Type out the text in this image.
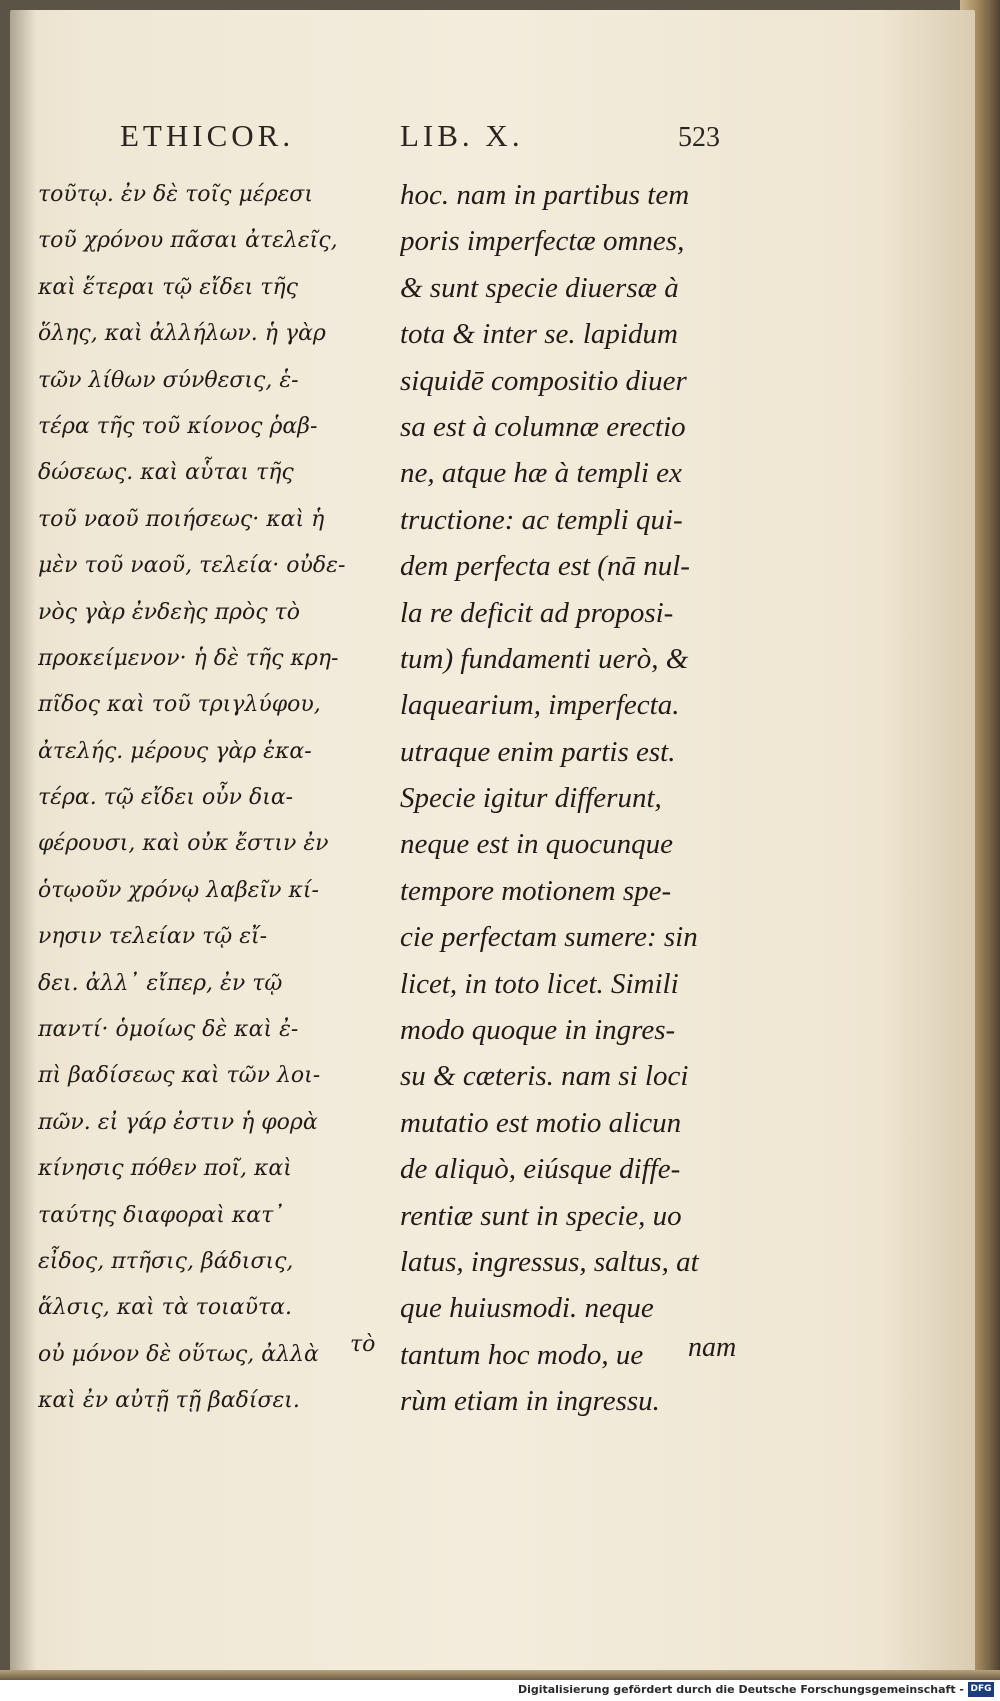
ETHICOR.	LIB. X.	523
τοῦτῳ. ἐν δὲ τοῖς μέρεσι
τοῦ χρόνου πᾶσαι ἀτελεῖς,
καὶ ἕτεραι τῷ εἴδει τῆς
ὅλης, καὶ ἀλλήλων. ἡ γὰρ
τῶν λίθων σύνθεσις, ἑ-
τέρα τῆς τοῦ κίονος ῥαβ-
δώσεως. καὶ αὗται τῆς
τοῦ ναοῦ ποιήσεως· καὶ ἡ
μὲν τοῦ ναοῦ, τελεία· οὐδε-
νὸς γὰρ ἐνδεὴς πρὸς τὸ
προκείμενον· ἡ δὲ τῆς κρη-
πῖδος καὶ τοῦ τριγλύφου,
ἀτελής. μέρους γὰρ ἑκα-
τέρα. τῷ εἴδει οὖν δια-
φέρουσι, καὶ οὐκ ἔστιν ἐν
ὁτῳοῦν χρόνῳ λαβεῖν κί-
νησιν τελείαν τῷ εἴ-
δει. ἀλλ᾽ εἴπερ, ἐν τῷ
παντί· ὁμοίως δὲ καὶ ἐ-
πὶ βαδίσεως καὶ τῶν λοι-
πῶν. εἰ γάρ ἐστιν ἡ φορὰ
κίνησις πόθεν ποῖ, καὶ
ταύτης διαφοραὶ κατ᾽
εἶδος, πτῆσις, βάδισις,
ἅλσις, καὶ τὰ τοιαῦτα.
οὐ μόνον δὲ οὕτως, ἀλλὰ
καὶ ἐν αὐτῇ τῇ βαδίσει.
hoc. nam in partibus tem
poris imperfectæ omnes,
& sunt specie diuersæ à
tota & inter se. lapidum
siquidē compositio diuer
sa est à columnæ erectio
ne, atque hæ à templi ex
tructione: ac templi qui-
dem perfecta est (nā nul-
la re deficit ad proposi-
tum) fundamenti uerò, &
laquearium, imperfecta.
utraque enim partis est.
Specie igitur differunt,
neque est in quocunque
tempore motionem spe-
cie perfectam sumere: sin
licet, in toto licet. Simili
modo quoque in ingres-
su & cæteris. nam si loci
mutatio est motio alicun
de aliquò, eiúsque diffe-
rentiæ sunt in specie, uo
latus, ingressus, saltus, at
que huiusmodi. neque
tantum hoc modo, ue
rùm etiam in ingressu.
τὸ	nam
Digitalisierung gefördert durch die Deutsche Forschungsgemeinschaft - DFG
